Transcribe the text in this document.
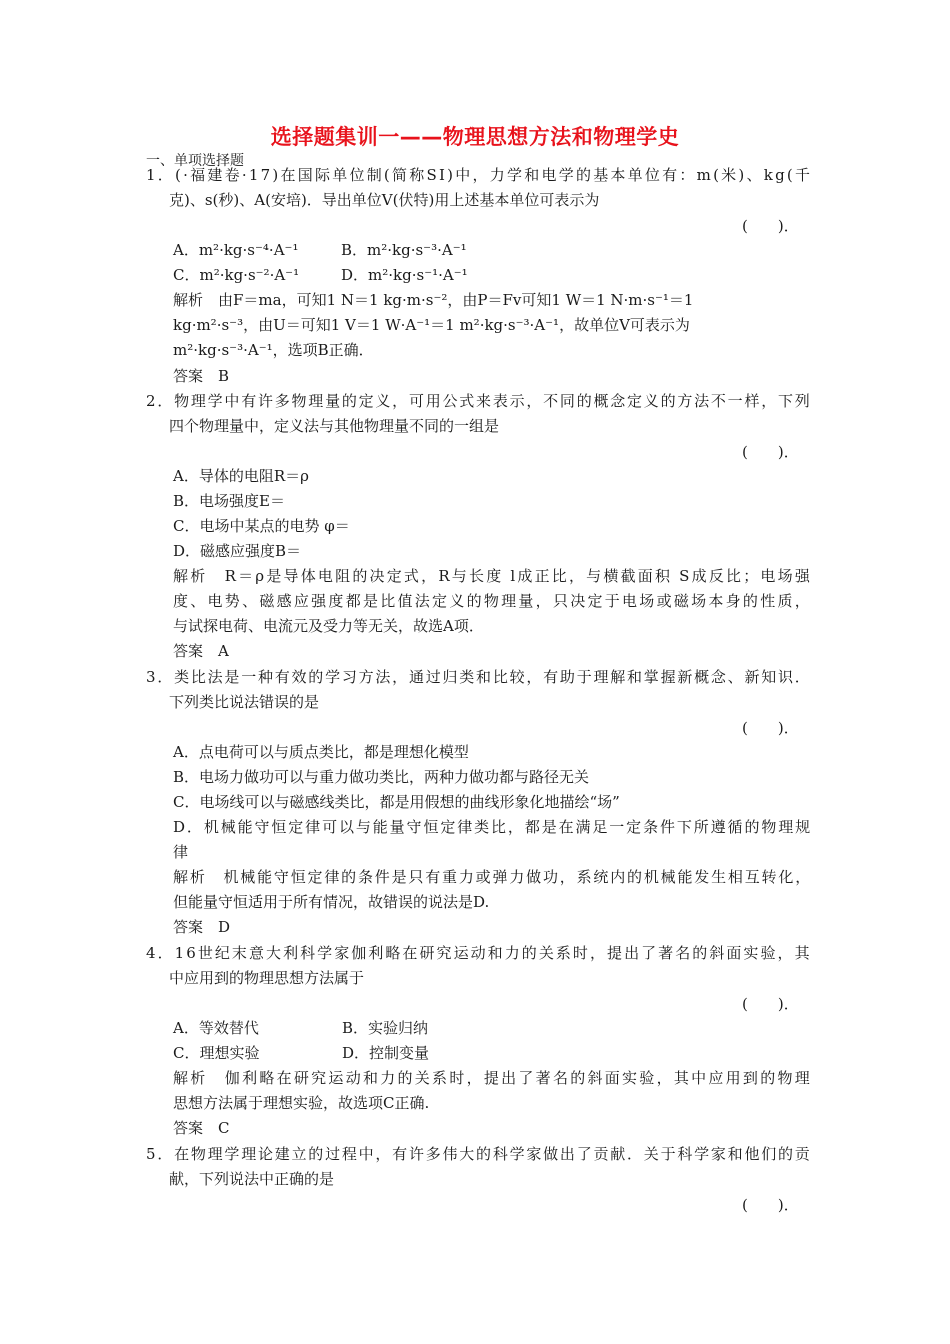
选择题集训一——物理思想方法和物理学史
一、单项选择题
1．(·福建卷·17)在国际单位制(简称SI)中，力学和电学的基本单位有：m(米)、kg(千
克)、s(秒)、A(安培)．导出单位V(伏特)用上述基本单位可表示为
(　　)．
A．m²·kg·s⁻⁴·A⁻¹	B．m²·kg·s⁻³·A⁻¹
C．m²·kg·s⁻²·A⁻¹	D．m²·kg·s⁻¹·A⁻¹
解析　由F＝ma，可知1 N＝1 kg·m·s⁻²，由P＝Fv可知1 W＝1 N·m·s⁻¹＝1
kg·m²·s⁻³，由U＝可知1 V＝1 W·A⁻¹＝1 m²·kg·s⁻³·A⁻¹，故单位V可表示为
m²·kg·s⁻³·A⁻¹，选项B正确．
答案　B
2．物理学中有许多物理量的定义，可用公式来表示，不同的概念定义的方法不一样，下列
四个物理量中，定义法与其他物理量不同的一组是
(　　)．
A．导体的电阻R＝ρ
B．电场强度E＝
C．电场中某点的电势 φ＝
D．磁感应强度B＝
解析　R＝ρ是导体电阻的决定式，R与长度 l成正比，与横截面积 S成反比；电场强
度、电势、磁感应强度都是比值法定义的物理量，只决定于电场或磁场本身的性质，
与试探电荷、电流元及受力等无关，故选A项．
答案　A
3．类比法是一种有效的学习方法，通过归类和比较，有助于理解和掌握新概念、新知识．
下列类比说法错误的是
(　　)．
A．点电荷可以与质点类比，都是理想化模型
B．电场力做功可以与重力做功类比，两种力做功都与路径无关
C．电场线可以与磁感线类比，都是用假想的曲线形象化地描绘“场”
D．机械能守恒定律可以与能量守恒定律类比，都是在满足一定条件下所遵循的物理规
律
解析　机械能守恒定律的条件是只有重力或弹力做功，系统内的机械能发生相互转化，
但能量守恒适用于所有情况，故错误的说法是D.
答案　D
4．16世纪末意大利科学家伽利略在研究运动和力的关系时，提出了著名的斜面实验，其
中应用到的物理思想方法属于
(　　)．
A．等效替代	B．实验归纳
C．理想实验	D．控制变量
解析　伽利略在研究运动和力的关系时，提出了著名的斜面实验，其中应用到的物理
思想方法属于理想实验，故选项C正确.
答案　C
5．在物理学理论建立的过程中，有许多伟大的科学家做出了贡献．关于科学家和他们的贡
献，下列说法中正确的是
(　　)．
